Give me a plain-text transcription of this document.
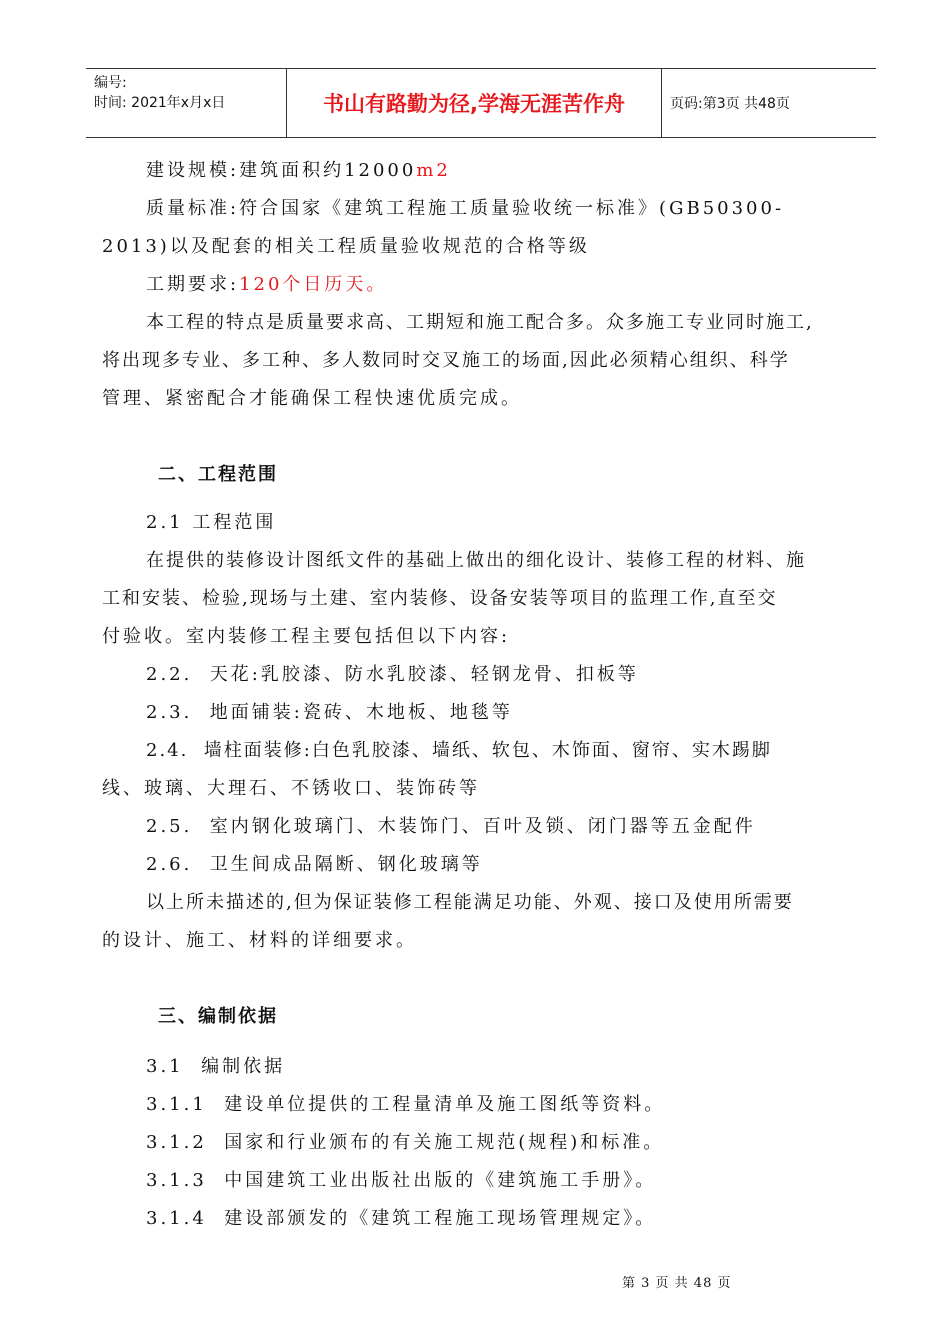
编号:
时间: 2021年x月x日	书山有路勤为径,学海无涯苦作舟	页码:第3页 共48页

建设规模:建筑面积约12000m2

质量标准:符合国家《建筑工程施工质量验收统一标准》(GB50300-

2013)以及配套的相关工程质量验收规范的合格等级

工期要求:120个日历天。

本工程的特点是质量要求高、工期短和施工配合多。众多施工专业同时施工,

将出现多专业、多工种、多人数同时交叉施工的场面,因此必须精心组织、科学

管理、紧密配合才能确保工程快速优质完成。

二、工程范围

2.1 工程范围

在提供的装修设计图纸文件的基础上做出的细化设计、装修工程的材料、施

工和安装、检验,现场与土建、室内装修、设备安装等项目的监理工作,直至交

付验收。室内装修工程主要包括但以下内容:

2.2.  天花:乳胶漆、防水乳胶漆、轻钢龙骨、扣板等

2.3.  地面铺装:瓷砖、木地板、地毯等

2.4.  墙柱面装修:白色乳胶漆、墙纸、软包、木饰面、窗帘、实木踢脚

线、玻璃、大理石、不锈收口、装饰砖等

2.5.  室内钢化玻璃门、木装饰门、百叶及锁、闭门器等五金配件

2.6.  卫生间成品隔断、钢化玻璃等

以上所未描述的,但为保证装修工程能满足功能、外观、接口及使用所需要

的设计、施工、材料的详细要求。

三、编制依据

3.1  编制依据

3.1.1  建设单位提供的工程量清单及施工图纸等资料。

3.1.2  国家和行业颁布的有关施工规范(规程)和标准。

3.1.3  中国建筑工业出版社出版的《建筑施工手册》。

3.1.4  建设部颁发的《建筑工程施工现场管理规定》。

第 3 页 共 48 页
